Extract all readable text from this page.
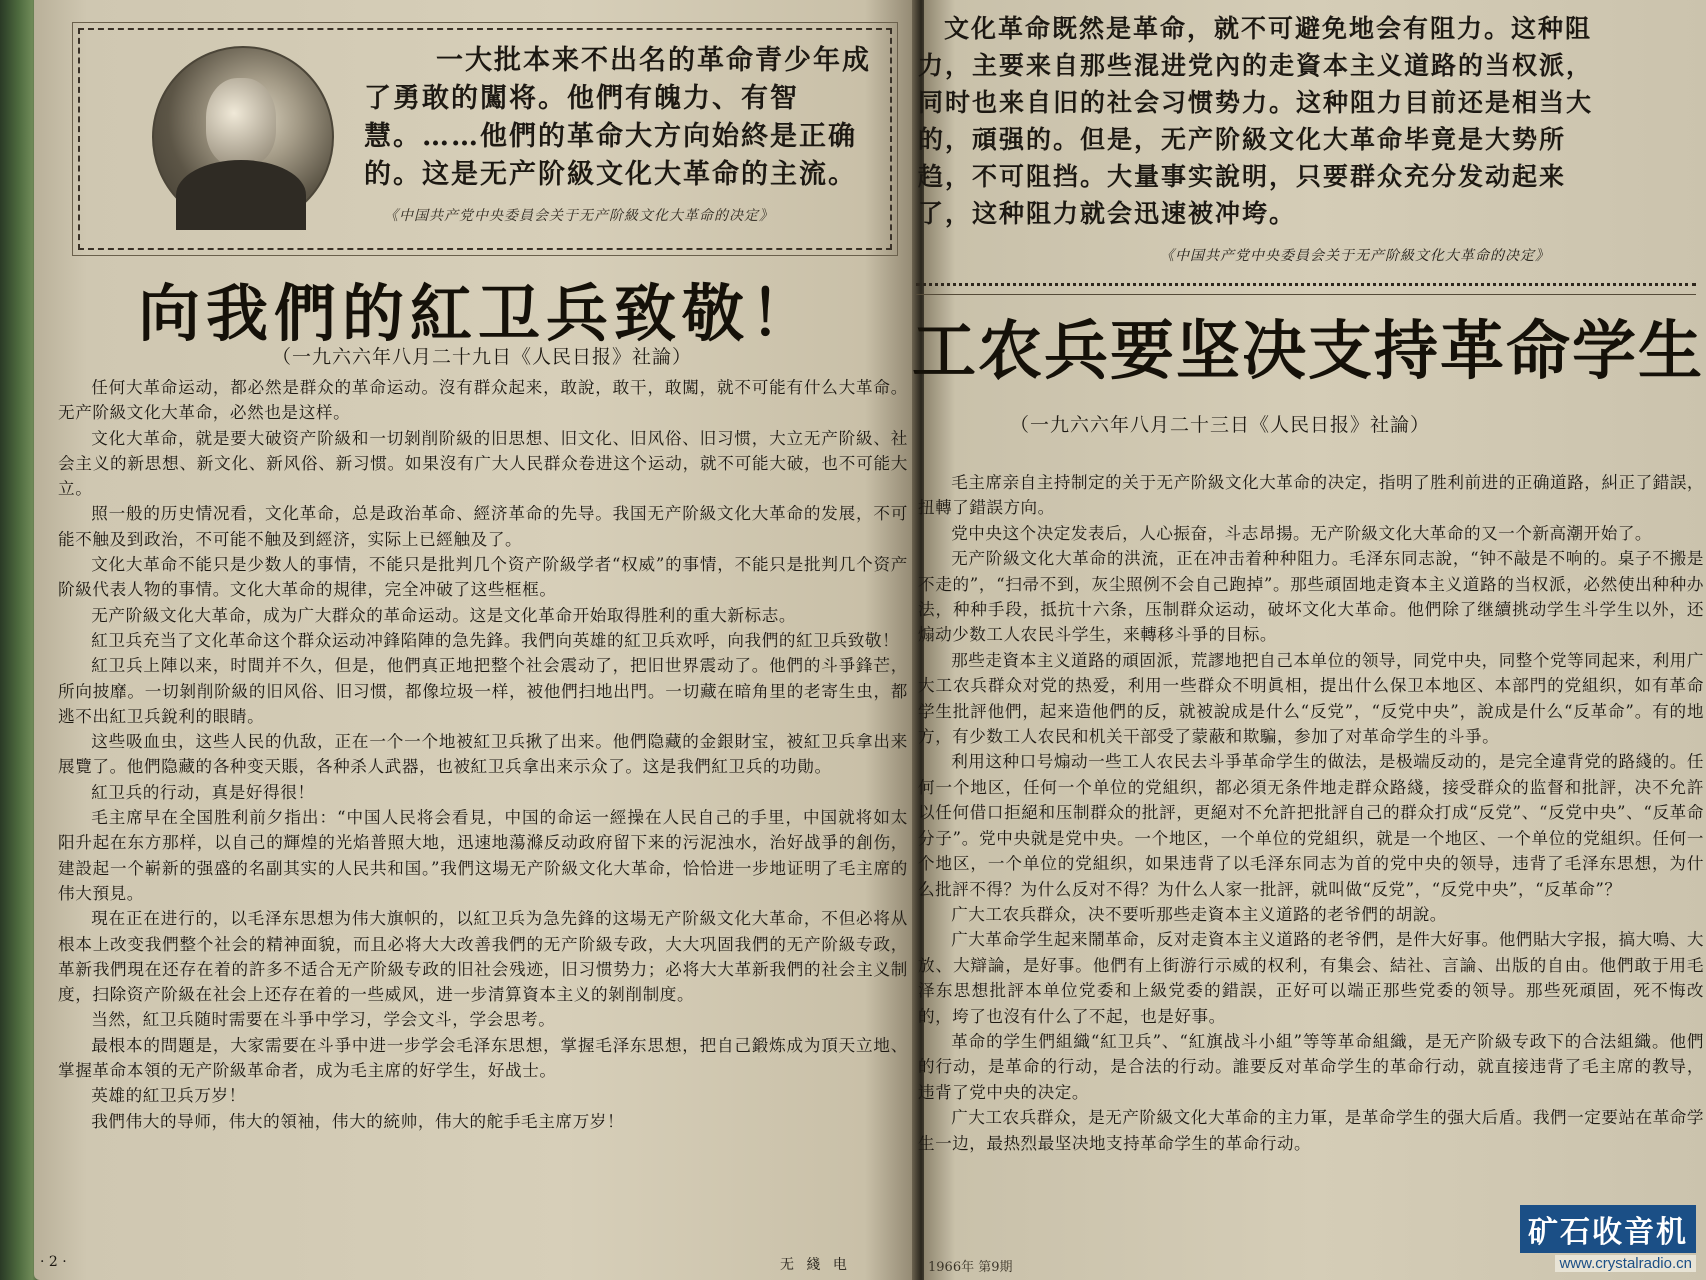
一大批本来不出名的革命青少年成了勇敢的闖将。他們有魄力、有智慧。……他們的革命大方向始終是正确的。这是无产阶級文化大革命的主流。
《中国共产党中央委員会关于无产阶級文化大革命的决定》
向我們的紅卫兵致敬！
（一九六六年八月二十九日《人民日报》社論）

任何大革命运动，都必然是群众的革命运动。沒有群众起来，敢說，敢干，敢闖，就不可能有什么大革命。无产阶級文化大革命，必然也是这样。

文化大革命，就是要大破资产阶級和一切剝削阶級的旧思想、旧文化、旧风俗、旧习惯，大立无产阶級、社会主义的新思想、新文化、新风俗、新习惯。如果沒有广大人民群众卷进这个运动，就不可能大破，也不可能大立。

照一般的历史情况看，文化革命，总是政治革命、經济革命的先导。我国无产阶級文化大革命的发展，不可能不触及到政治，不可能不触及到經济，实际上已經触及了。

文化大革命不能只是少数人的事情，不能只是批判几个资产阶級学者“权威”的事情，不能只是批判几个资产阶級代表人物的事情。文化大革命的規律，完全冲破了这些框框。

无产阶級文化大革命，成为广大群众的革命运动。这是文化革命开始取得胜利的重大新标志。

紅卫兵充当了文化革命这个群众运动冲鋒陷陣的急先鋒。我們向英雄的紅卫兵欢呼，向我們的紅卫兵致敬！

紅卫兵上陣以来，时間并不久，但是，他們真正地把整个社会震动了，把旧世界震动了。他們的斗爭鋒芒，所向披靡。一切剝削阶級的旧风俗、旧习惯，都像垃圾一样，被他們扫地出門。一切藏在暗角里的老寄生虫，都逃不出紅卫兵銳利的眼睛。

这些吸血虫，这些人民的仇敌，正在一个一个地被紅卫兵揪了出来。他們隐藏的金銀財宝，被紅卫兵拿出来展覽了。他們隐藏的各种变天賬，各种杀人武器，也被紅卫兵拿出来示众了。这是我們紅卫兵的功勛。

紅卫兵的行动，真是好得很！

毛主席早在全国胜利前夕指出：“中国人民将会看見，中国的命运一經操在人民自己的手里，中国就将如太阳升起在东方那样，以自己的輝煌的光焰普照大地，迅速地蕩滌反动政府留下来的污泥浊水，治好战爭的創伤，建設起一个嶄新的强盛的名副其实的人民共和国。”我們这場无产阶級文化大革命，恰恰进一步地证明了毛主席的伟大預見。

現在正在进行的，以毛泽东思想为伟大旗帜的，以紅卫兵为急先鋒的这場无产阶級文化大革命，不但必将从根本上改变我們整个社会的精神面貌，而且必将大大改善我們的无产阶級专政，大大巩固我們的无产阶級专政，革新我們現在还存在着的許多不适合无产阶級专政的旧社会残迹，旧习惯势力；必将大大革新我們的社会主义制度，扫除资产阶級在社会上还存在着的一些威风，进一步清算資本主义的剝削制度。

当然，紅卫兵随时需要在斗爭中学习，学会文斗，学会思考。

最根本的問題是，大家需要在斗爭中进一步学会毛泽东思想，掌握毛泽东思想，把自己鍛炼成为頂天立地、掌握革命本領的无产阶級革命者，成为毛主席的好学生，好战士。

英雄的紅卫兵万岁！

我們伟大的导师，伟大的領袖，伟大的統帅，伟大的舵手毛主席万岁！

· 2 ·	无 綫 电
文化革命既然是革命，就不可避免地会有阻力。这种阻力，主要来自那些混进党內的走資本主义道路的当权派，同时也来自旧的社会习惯势力。这种阻力目前还是相当大的，頑强的。但是，无产阶級文化大革命毕竟是大势所趋，不可阻挡。大量事实說明，只要群众充分发动起来了，这种阻力就会迅速被冲垮。
《中国共产党中央委員会关于无产阶級文化大革命的决定》
工农兵要坚决支持革命学生
（一九六六年八月二十三日《人民日报》社論）

毛主席亲自主持制定的关于无产阶級文化大革命的决定，指明了胜利前进的正确道路，糾正了錯誤，扭轉了錯誤方向。

党中央这个决定发表后，人心振奋，斗志昂揚。无产阶級文化大革命的又一个新高潮开始了。

无产阶級文化大革命的洪流，正在冲击着种种阻力。毛泽东同志說，“钟不敲是不响的。桌子不搬是不走的”，“扫帚不到，灰尘照例不会自己跑掉”。那些頑固地走資本主义道路的当权派，必然使出种种办法，种种手段，抵抗十六条，压制群众运动，破坏文化大革命。他們除了继續挑动学生斗学生以外，还煽动少数工人农民斗学生，来轉移斗爭的目标。

那些走資本主义道路的頑固派，荒謬地把自己本单位的领导，同党中央，同整个党等同起来，利用广大工农兵群众对党的热爱，利用一些群众不明眞相，提出什么保卫本地区、本部門的党組织，如有革命学生批評他們，起来造他們的反，就被說成是什么“反党”，“反党中央”，說成是什么“反革命”。有的地方，有少数工人农民和机关干部受了蒙蔽和欺騙，参加了对革命学生的斗爭。

利用这种口号煽动一些工人农民去斗爭革命学生的做法，是极端反动的，是完全違背党的路綫的。任何一个地区，任何一个单位的党組织，都必須无条件地走群众路綫，接受群众的监督和批評，决不允許以任何借口拒絕和压制群众的批評，更絕对不允許把批評自己的群众打成“反党”、“反党中央”、“反革命分子”。党中央就是党中央。一个地区，一个单位的党組织，就是一个地区、一个单位的党組织。任何一个地区，一个单位的党組织，如果违背了以毛泽东同志为首的党中央的领导，违背了毛泽东思想，为什么批評不得？为什么反对不得？为什么人家一批評，就叫做“反党”，“反党中央”，“反革命”？

广大工农兵群众，决不要听那些走資本主义道路的老爷們的胡說。

广大革命学生起来鬧革命，反对走資本主义道路的老爷們，是件大好事。他們貼大字报，搞大鳴、大放、大辯論，是好事。他們有上街游行示威的权利，有集会、結社、言論、出版的自由。他們敢于用毛泽东思想批評本单位党委和上級党委的錯誤，正好可以端正那些党委的领导。那些死頑固，死不悔改的，垮了也沒有什么了不起，也是好事。

革命的学生們組織“紅卫兵”、“紅旗战斗小組”等等革命組織，是无产阶級专政下的合法組織。他們的行动，是革命的行动，是合法的行动。誰要反对革命学生的革命行动，就直接违背了毛主席的教导，违背了党中央的决定。

广大工农兵群众，是无产阶級文化大革命的主力軍，是革命学生的强大后盾。我們一定要站在革命学生一边，最热烈最坚决地支持革命学生的革命行动。

1966年 第9期
矿石收音机
www.crystalradio.cn
